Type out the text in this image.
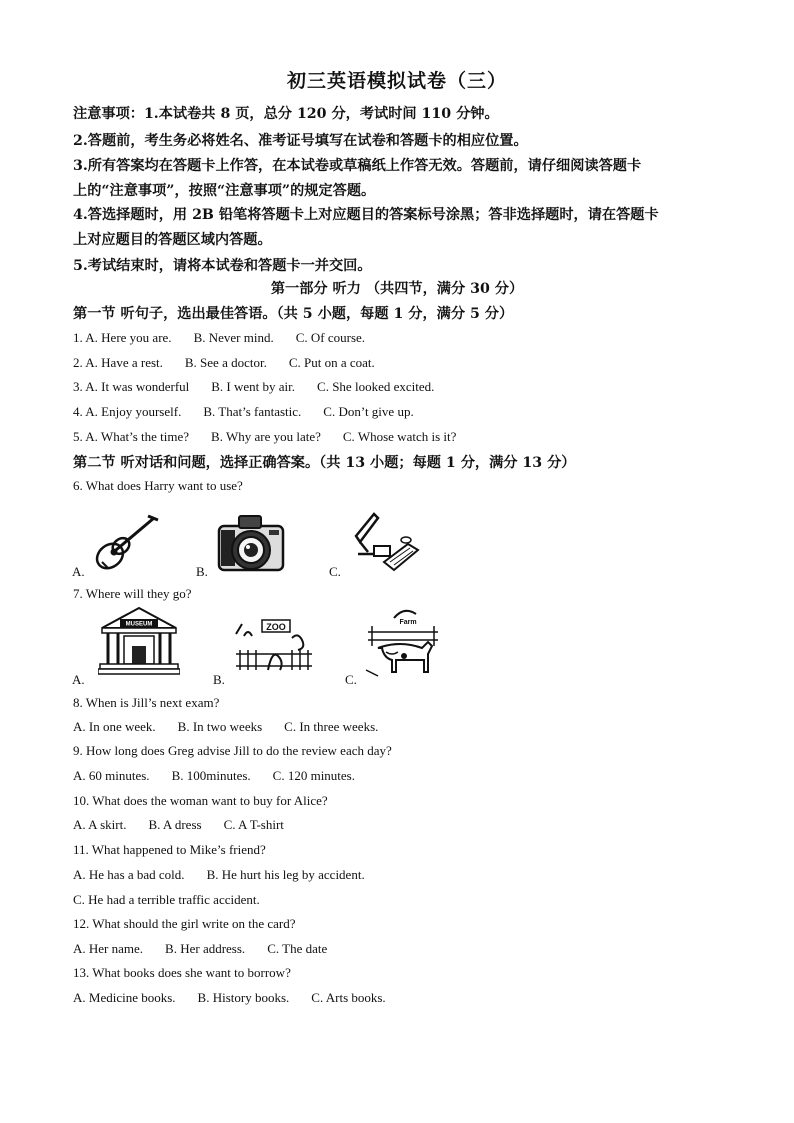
初三英语模拟试卷（三）
注意事项：1.本试卷共 8 页，总分 120 分，考试时间 110 分钟。
2.答题前，考生务必将姓名、准考证号填写在试卷和答题卡的相应位置。
3.所有答案均在答题卡上作答，在本试卷或草稿纸上作答无效。答题前，请仔细阅读答题卡
上的“注意事项”，按照“注意事项”的规定答题。
4.答选择题时，用 2B 铅笔将答题卡上对应题目的答案标号涂黑；答非选择题时，请在答题卡
上对应题目的答题区域内答题。
5.考试结束时，请将本试卷和答题卡一并交回。
第一部分 听力 （共四节，满分 30 分）
第一节 听句子，选出最佳答语。（共 5 小题，每题 1 分，满分 5 分）
1. A. Here you are. B. Never mind. C. Of course.
2. A. Have a rest. B. See a doctor. C. Put on a coat.
3. A. It was wonderful B. I went by air. C. She looked excited.
4. A. Enjoy yourself. B. That’s fantastic. C. Don’t give up.
5. A. What’s the time? B. Why are you late? C. Whose watch is it?
第二节 听对话和问题，选择正确答案。（共 13 小题；每题 1 分，满分 13 分）
6. What does Harry want to use?
A.	B.	C.
7. Where will they go?
A.
MUSEUM
B.
ZOO
C.
Farm
8. When is Jill’s next exam?
A. In one week. B. In two weeks C. In three weeks.
9. How long does Greg advise Jill to do the review each day?
A. 60 minutes. B. 100minutes. C. 120 minutes.
10. What does the woman want to buy for Alice?
A. A skirt. B. A dress C. A T-shirt
11. What happened to Mike’s friend?
A. He has a bad cold. B. He hurt his leg by accident.
C. He had a terrible traffic accident.
12. What should the girl write on the card?
A. Her name. B. Her address. C. The date
13. What books does she want to borrow?
A. Medicine books. B. History books. C. Arts books.
